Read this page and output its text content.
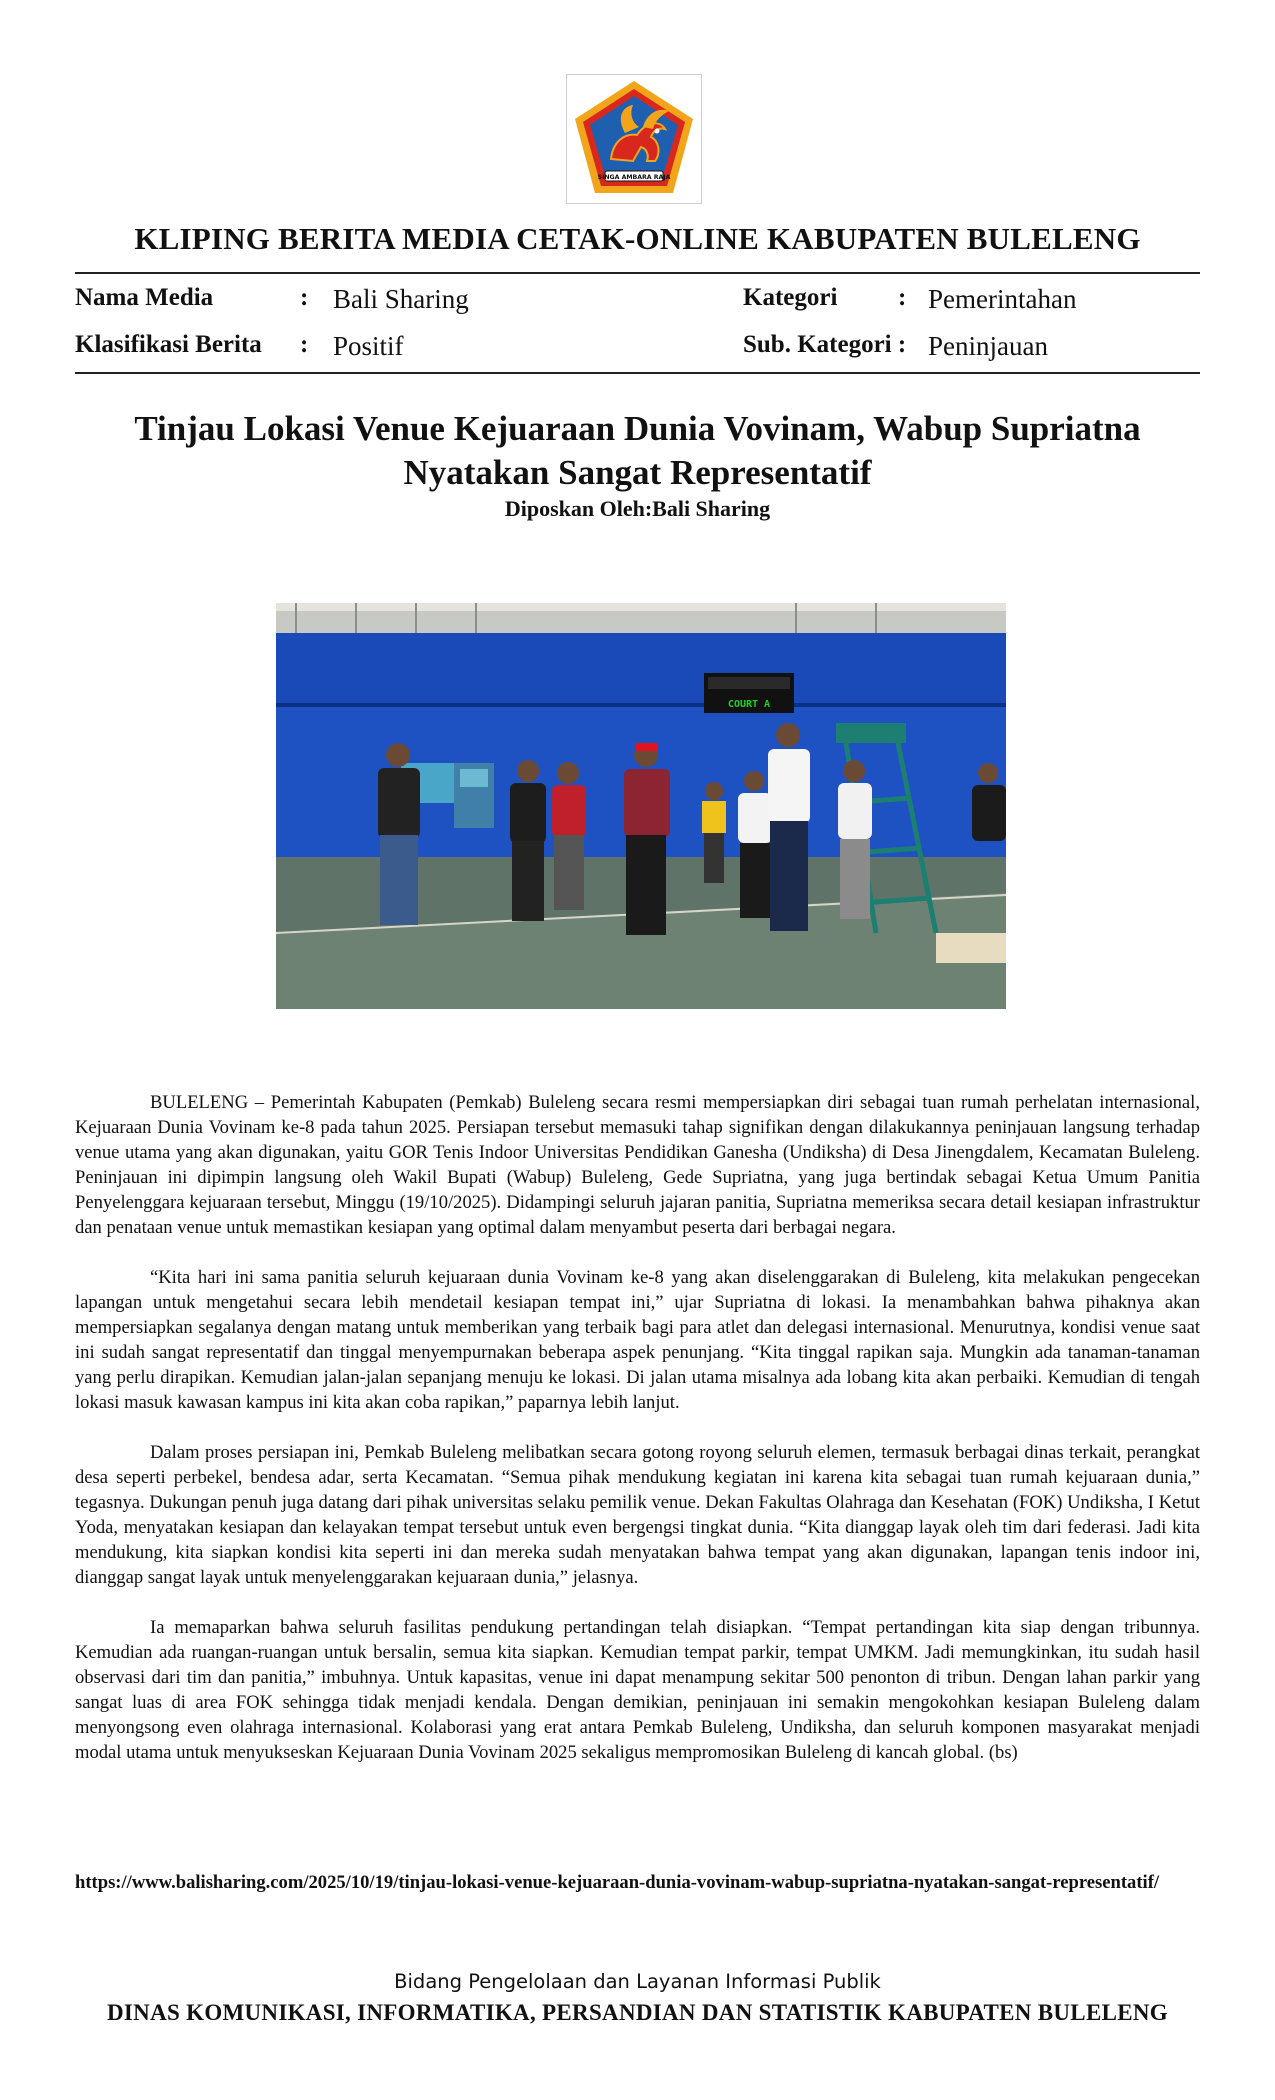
SINGA AMBARA RAJA
KLIPING BERITA MEDIA CETAK-ONLINE KABUPATEN BULELENG
Nama Media	: Bali Sharing
Klasifikasi Berita : Positif
Kategori : Pemerintahan
Sub. Kategori : Peninjauan
Tinjau Lokasi Venue Kejuaraan Dunia Vovinam, Wabup Supriatna Nyatakan Sangat Representatif
Diposkan Oleh:Bali Sharing
COURT A

BULELENG – Pemerintah Kabupaten (Pemkab) Buleleng secara resmi mempersiapkan diri sebagai tuan rumah perhelatan internasional, Kejuaraan Dunia Vovinam ke-8 pada tahun 2025. Persiapan tersebut memasuki tahap signifikan dengan dilakukannya peninjauan langsung terhadap venue utama yang akan digunakan, yaitu GOR Tenis Indoor Universitas Pendidikan Ganesha (Undiksha) di Desa Jinengdalem, Kecamatan Buleleng. Peninjauan ini dipimpin langsung oleh Wakil Bupati (Wabup) Buleleng, Gede Supriatna, yang juga bertindak sebagai Ketua Umum Panitia Penyelenggara kejuaraan tersebut, Minggu (19/10/2025). Didampingi seluruh jajaran panitia, Supriatna memeriksa secara detail kesiapan infrastruktur dan penataan venue untuk memastikan kesiapan yang optimal dalam menyambut peserta dari berbagai negara.

“Kita hari ini sama panitia seluruh kejuaraan dunia Vovinam ke-8 yang akan diselenggarakan di Buleleng, kita melakukan pengecekan lapangan untuk mengetahui secara lebih mendetail kesiapan tempat ini,” ujar Supriatna di lokasi. Ia menambahkan bahwa pihaknya akan mempersiapkan segalanya dengan matang untuk memberikan yang terbaik bagi para atlet dan delegasi internasional. Menurutnya, kondisi venue saat ini sudah sangat representatif dan tinggal menyempurnakan beberapa aspek penunjang. “Kita tinggal rapikan saja. Mungkin ada tanaman-tanaman yang perlu dirapikan. Kemudian jalan-jalan sepanjang menuju ke lokasi. Di jalan utama misalnya ada lobang kita akan perbaiki. Kemudian di tengah lokasi masuk kawasan kampus ini kita akan coba rapikan,” paparnya lebih lanjut.

Dalam proses persiapan ini, Pemkab Buleleng melibatkan secara gotong royong seluruh elemen, termasuk berbagai dinas terkait, perangkat desa seperti perbekel, bendesa adar, serta Kecamatan. “Semua pihak mendukung kegiatan ini karena kita sebagai tuan rumah kejuaraan dunia,” tegasnya. Dukungan penuh juga datang dari pihak universitas selaku pemilik venue. Dekan Fakultas Olahraga dan Kesehatan (FOK) Undiksha, I Ketut Yoda, menyatakan kesiapan dan kelayakan tempat tersebut untuk even bergengsi tingkat dunia. “Kita dianggap layak oleh tim dari federasi. Jadi kita mendukung, kita siapkan kondisi kita seperti ini dan mereka sudah menyatakan bahwa tempat yang akan digunakan, lapangan tenis indoor ini, dianggap sangat layak untuk menyelenggarakan kejuaraan dunia,” jelasnya.

Ia memaparkan bahwa seluruh fasilitas pendukung pertandingan telah disiapkan. “Tempat pertandingan kita siap dengan tribunnya. Kemudian ada ruangan-ruangan untuk bersalin, semua kita siapkan. Kemudian tempat parkir, tempat UMKM. Jadi memungkinkan, itu sudah hasil observasi dari tim dan panitia,” imbuhnya. Untuk kapasitas, venue ini dapat menampung sekitar 500 penonton di tribun. Dengan lahan parkir yang sangat luas di area FOK sehingga tidak menjadi kendala. Dengan demikian, peninjauan ini semakin mengokohkan kesiapan Buleleng dalam menyongsong even olahraga internasional. Kolaborasi yang erat antara Pemkab Buleleng, Undiksha, dan seluruh komponen masyarakat menjadi modal utama untuk menyukseskan Kejuaraan Dunia Vovinam 2025 sekaligus mempromosikan Buleleng di kancah global. (bs)

https://www.balisharing.com/2025/10/19/tinjau-lokasi-venue-kejuaraan-dunia-vovinam-wabup-supriatna-nyatakan-sangat-representatif/
Bidang Pengelolaan dan Layanan Informasi Publik
DINAS KOMUNIKASI, INFORMATIKA, PERSANDIAN DAN STATISTIK KABUPATEN BULELENG
